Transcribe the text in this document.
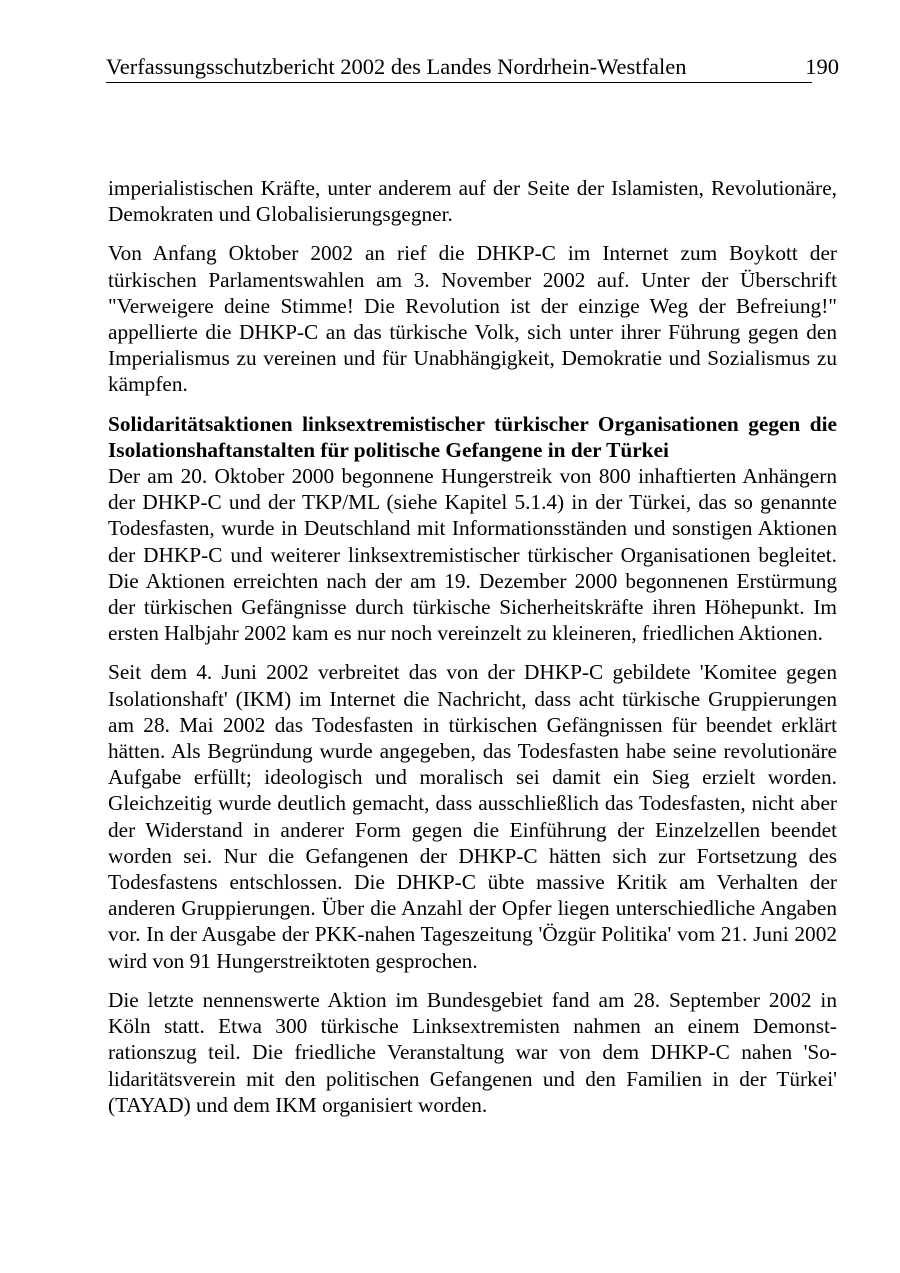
Verfassungsschutzbericht 2002 des Landes Nordrhein-Westfalen	190

imperialistischen Kräfte, unter anderem auf der Seite der Islamisten, Revolutionäre, Demokraten und Globalisierungsgegner.

Von Anfang Oktober 2002 an rief die DHKP-C im Internet zum Boykott der türkischen Parlamentswahlen am 3. November 2002 auf. Unter der Überschrift "Verweigere deine Stimme! Die Revolution ist der einzige Weg der Befreiung!" appellierte die DHKP-C an das türkische Volk, sich unter ihrer Führung gegen den Imperialismus zu vereinen und für Unabhängigkeit, Demokratie und Sozialismus zu kämpfen.

Solidaritätsaktionen linksextremistischer türkischer Organisationen gegen die Isolationshaftanstalten für politische Gefangene in der Türkei

Der am 20. Oktober 2000 begonnene Hungerstreik von 800 inhaftierten Anhängern der DHKP-C und der TKP/ML (siehe Kapitel 5.1.4) in der Türkei, das so genannte Todesfasten, wurde in Deutschland mit Informationsständen und sonstigen Aktionen der DHKP-C und weiterer linksextremistischer türkischer Organisationen begleitet. Die Aktionen erreichten nach der am 19. Dezember 2000 begonnenen Erstürmung der türkischen Gefängnisse durch türkische Sicherheitskräfte ihren Höhepunkt. Im ersten Halbjahr 2002 kam es nur noch vereinzelt zu kleineren, friedlichen Aktionen.

Seit dem 4. Juni 2002 verbreitet das von der DHKP-C gebildete 'Komitee gegen Isolationshaft' (IKM) im Internet die Nachricht, dass acht türkische Gruppierungen am 28. Mai 2002 das Todesfasten in türkischen Gefängnissen für beendet erklärt hätten. Als Begründung wurde angegeben, das Todesfasten habe seine revolutionäre Aufgabe erfüllt; ideologisch und moralisch sei damit ein Sieg erzielt worden. Gleichzeitig wurde deutlich gemacht, dass ausschließlich das Todesfasten, nicht aber der Widerstand in anderer Form gegen die Einführung der Einzelzellen beendet worden sei. Nur die Gefangenen der DHKP-C hätten sich zur Fortsetzung des Todesfastens entschlossen. Die DHKP-C übte massive Kritik am Verhalten der anderen Gruppierungen. Über die Anzahl der Opfer liegen unterschiedliche Angaben vor. In der Ausgabe der PKK-nahen Tageszeitung 'Özgür Politika' vom 21. Juni 2002 wird von 91 Hungerstreiktoten gesprochen.

Die letzte nennenswerte Aktion im Bundesgebiet fand am 28. September 2002 in Köln statt. Etwa 300 türkische Linksextremisten nahmen an einem Demonstrationszug teil. Die friedliche Veranstaltung war von dem DHKP-C nahen 'Solidaritätsverein mit den politischen Gefangenen und den Familien in der Türkei' (TAYAD) und dem IKM organisiert worden.
